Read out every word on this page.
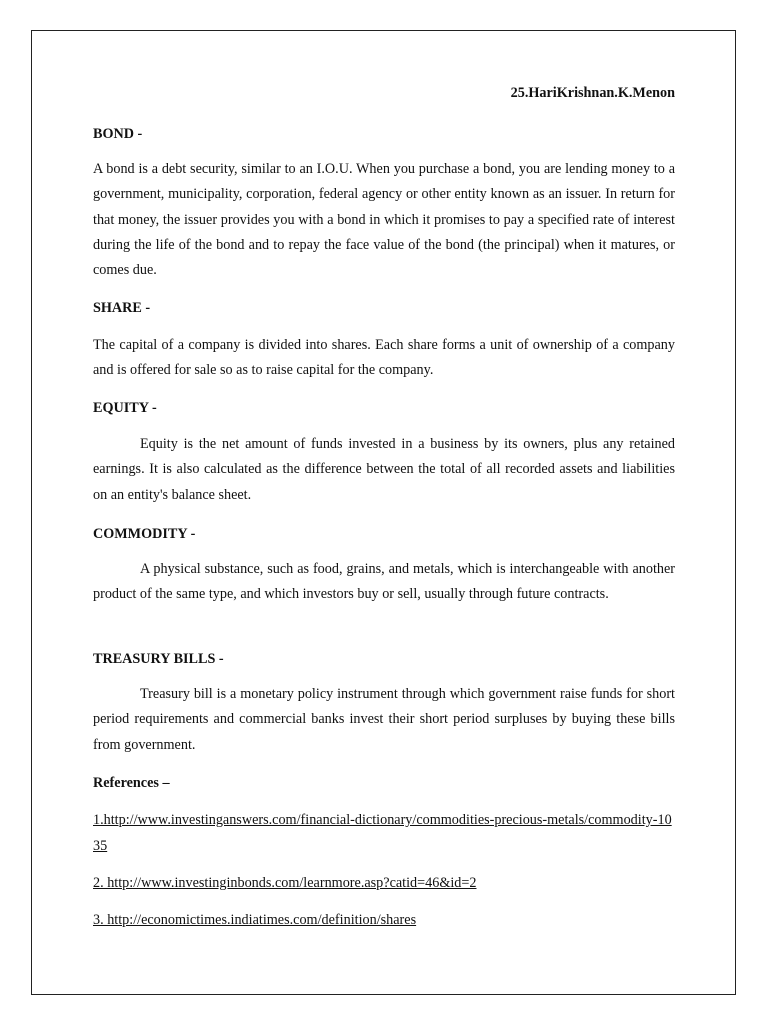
25.HariKrishnan.K.Menon
BOND -

A bond is a debt security, similar to an I.O.U. When you purchase a bond, you are lending money to a government, municipality, corporation, federal agency or other entity known as an issuer. In return for that money, the issuer provides you with a bond in which it promises to pay a specified rate of interest during the life of the bond and to repay the face value of the bond (the principal) when it matures, or comes due.

SHARE -

The capital of a company is divided into shares. Each share forms a unit of ownership of a company and is offered for sale so as to raise capital for the company.

EQUITY -

Equity is the net amount of funds invested in a business by its owners, plus any retained earnings. It is also calculated as the difference between the total of all recorded assets and liabilities on an entity's balance sheet.

COMMODITY -

A physical substance, such as food, grains, and metals, which is interchangeable with another product of the same type, and which investors buy or sell, usually through future contracts.

TREASURY BILLS -

Treasury bill is a monetary policy instrument through which government raise funds for short period requirements and commercial banks invest their short period surpluses by buying these bills from government.

References –
1.http://www.investinganswers.com/financial-dictionary/commodities-precious-metals/commodity-1035
2. http://www.investinginbonds.com/learnmore.asp?catid=46&id=2
3. http://economictimes.indiatimes.com/definition/shares
